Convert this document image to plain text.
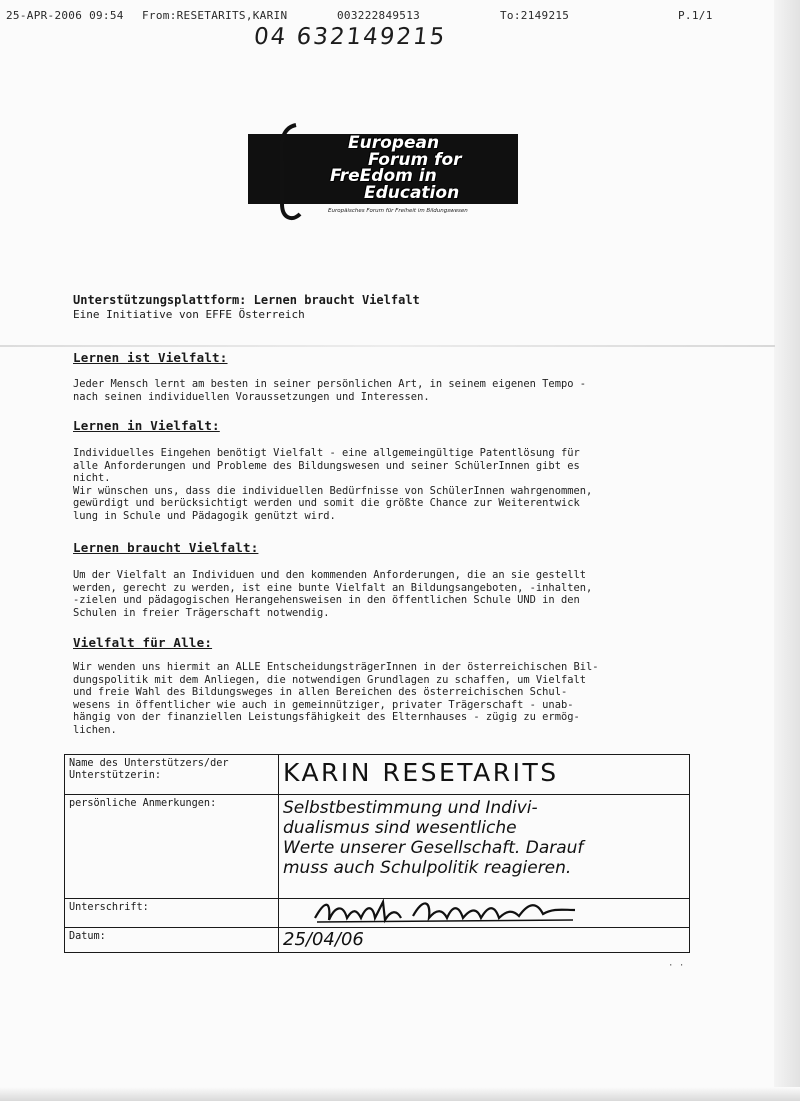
25-APR-2006 09:54 From:RESETARITS,KARIN	003222849513	To:2149215	P.1/1
04 632149215
European
Forum for
FreEdom in
Education
Europäisches Forum für Freiheit im Bildungswesen
Unterstützungsplattform: Lernen braucht Vielfalt
Eine Initiative von EFFE Österreich
Lernen ist Vielfalt:
Jeder Mensch lernt am besten in seiner persönlichen Art, in seinem eigenen Tempo -
nach seinen individuellen Voraussetzungen und Interessen.
Lernen in Vielfalt:
Individuelles Eingehen benötigt Vielfalt - eine allgemeingültige Patentlösung für
alle Anforderungen und Probleme des Bildungswesen und seiner SchülerInnen gibt es
nicht.
Wir wünschen uns, dass die individuellen Bedürfnisse von SchülerInnen wahrgenommen,
gewürdigt und berücksichtigt werden und somit die größte Chance zur Weiterentwick
lung in Schule und Pädagogik genützt wird.
Lernen braucht Vielfalt:
Um der Vielfalt an Individuen und den kommenden Anforderungen, die an sie gestellt
werden, gerecht zu werden, ist eine bunte Vielfalt an Bildungsangeboten, -inhalten,
-zielen und pädagogischen Herangehensweisen in den öffentlichen Schule UND in den
Schulen in freier Trägerschaft notwendig.
Vielfalt für Alle:
Wir wenden uns hiermit an ALLE EntscheidungsträgerInnen in der österreichischen Bil-
dungspolitik mit dem Anliegen, die notwendigen Grundlagen zu schaffen, um Vielfalt
und freie Wahl des Bildungsweges in allen Bereichen des österreichischen Schul-
wesens in öffentlicher wie auch in gemeinnütziger, privater Trägerschaft - unab-
hängig von der finanziellen Leistungsfähigkeit des Elternhauses - zügig zu ermög-
lichen.
Name des Unterstützers/der
Unterstützerin:	KARIN RESETARITS
persönliche Anmerkungen:	Selbstbestimmung und Indivi-
dualismus sind wesentliche
Werte unserer Gesellschaft. Darauf
muss auch Schulpolitik reagieren.
Unterschrift:	

Datum:	25/04/06
· ·
